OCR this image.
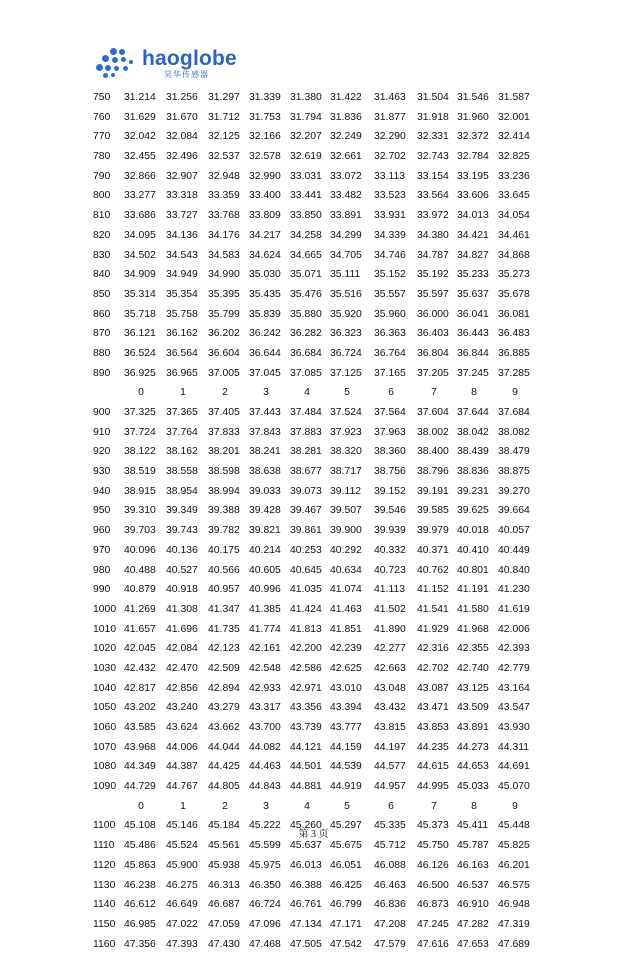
haoglobe
昊华传感器
750 31.214 31.256 31.297 31.339 31.380 31.422 31.463 31.504 31.546 31.587
760 31.629 31.670 31.712 31.753 31.794 31.836 31.877 31.918 31.960 32.001
770 32.042 32.084 32.125 32.166 32.207 32.249 32.290 32.331 32.372 32.414
780 32.455 32.496 32.537 32.578 32.619 32.661 32.702 32.743 32.784 32.825
790 32.866 32.907 32.948 32.990 33.031 33.072 33.113 33.154 33.195 33.236
800 33.277 33.318 33.359 33.400 33.441 33.482 33.523 33.564 33.606 33.645
810 33.686 33.727 33.768 33.809 33.850 33.891 33.931 33.972 34.013 34.054
820 34.095 34.136 34.176 34.217 34.258 34.299 34.339 34.380 34.421 34.461
830 34.502 34.543 34.583 34.624 34.665 34.705 34.746 34.787 34.827 34.868
840 34.909 34.949 34.990 35.030 35.071 35.111 35.152 35.192 35.233 35.273
850 35.314 35.354 35.395 35.435 35.476 35.516 35.557 35.597 35.637 35.678
860 35.718 35.758 35.799 35.839 35.880 35.920 35.960 36.000 36.041 36.081
870 36.121 36.162 36.202 36.242 36.282 36.323 36.363 36.403 36.443 36.483
880 36.524 36.564 36.604 36.644 36.684 36.724 36.764 36.804 36.844 36.885
890 36.925 36.965 37.005 37.045 37.085 37.125 37.165 37.205 37.245 37.285
0	1	2	3	4	5	6	7	8	9
900 37.325 37.365 37.405 37.443 37.484 37.524 37.564 37.604 37.644 37.684
910 37.724 37.764 37.833 37.843 37.883 37.923 37.963 38.002 38.042 38.082
920 38.122 38.162 38.201 38.241 38.281 38.320 38.360 38.400 38.439 38.479
930 38.519 38.558 38.598 38.638 38.677 38.717 38.756 38.796 38.836 38.875
940 38.915 38.954 38.994 39.033 39.073 39.112 39.152 39.191 39.231 39.270
950 39.310 39.349 39.388 39.428 39.467 39.507 39.546 39.585 39.625 39.664
960 39.703 39.743 39.782 39.821 39.861 39.900 39.939 39.979 40.018 40.057
970 40.096 40.136 40.175 40.214 40.253 40.292 40.332 40.371 40.410 40.449
980 40.488 40.527 40.566 40.605 40.645 40.634 40.723 40.762 40.801 40.840
990 40.879 40.918 40.957 40.996 41.035 41.074 41.113 41.152 41.191 41.230
1000 41.269 41.308 41.347 41.385 41.424 41.463 41.502 41.541 41.580 41.619
1010 41.657 41.696 41.735 41.774 41.813 41.851 41.890 41.929 41.968 42.006
1020 42.045 42.084 42.123 42.161 42.200 42.239 42.277 42.316 42.355 42.393
1030 42.432 42.470 42.509 42.548 42.586 42.625 42.663 42.702 42.740 42.779
1040 42.817 42.856 42.894 42.933 42.971 43.010 43.048 43.087 43.125 43.164
1050 43.202 43.240 43.279 43.317 43.356 43.394 43.432 43.471 43.509 43.547
1060 43.585 43.624 43.662 43.700 43.739 43.777 43.815 43.853 43.891 43.930
1070 43.968 44.006 44.044 44.082 44.121 44.159 44.197 44.235 44.273 44.311
1080 44.349 44.387 44.425 44.463 44.501 44.539 44.577 44.615 44.653 44.691
1090 44.729 44.767 44.805 44.843 44.881 44.919 44.957 44.995 45.033 45.070
0	1	2	3	4	5	6	7	8	9
1100 45.108 45.146 45.184 45.222 45.260 45.297 45.335 45.373 45.411 45.448
1110 45.486 45.524 45.561 45.599 45.637 45.675 45.712 45.750 45.787 45.825
1120 45.863 45.900 45.938 45.975 46.013 46.051 46.088 46.126 46.163 46.201
1130 46.238 46.275 46.313 46.350 46.388 46.425 46.463 46.500 46.537 46.575
1140 46.612 46.649 46.687 46.724 46.761 46.799 46.836 46.873 46.910 46.948
1150 46.985 47.022 47.059 47.096 47.134 47.171 47.208 47.245 47.282 47.319
1160 47.356 47.393 47.430 47.468 47.505 47.542 47.579 47.616 47.653 47.689
第 3 页
